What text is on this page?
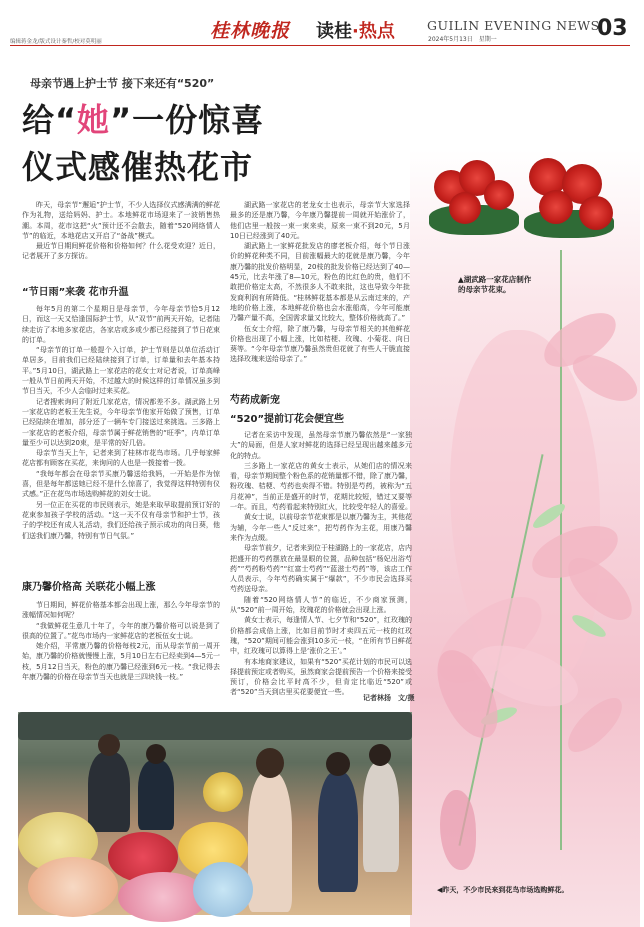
编辑蒋金龙/版式设计秦哲/校对莫明丽	桂林晚报 读桂·热点	GUILIN EVENING NEWS
2024年5月13日　星期一	03
▲湖武路一家花店制作的母亲节花束。
母亲节遇上护士节 接下来还有“520”
给“她”一份惊喜
仪式感催热花市

昨天，母亲节“邂逅”护士节，不少人选择仪式感满满的鲜花作为礼物，送给妈妈、护士。本地鲜花市场迎来了一波销售热潮。本周，花市这把“火”预计还不会散去，随着“520网络情人节”的临近，本地花店又开启了“备战”模式。

最近节日期间鲜花价格和价格如何？什么花受欢迎？近日，记者展开了多方探访。

“节日雨”来袭 花市升温

每年5月的第二个星期日是母亲节，今年母亲节恰5月12日，而这一天又恰逢国际护士节，从“双节”前两天开始，记者陆续走访了本地多家花店，各家店或多或少都已经接到了节日花束的订单。

“母亲节的订单一般提个入订单，护士节则是以单位活动订单居多，目前我们已经陆续接到了订单，订单量和去年基本持平。”5月10日，湖武路上一家花店的花女士对记者说，订单高峰一般从节日前两天开始，不过越大的时候这样的订单情况虽多到节日当天，不少人会临时过来买花。

记者搜索询问了附近几家花店，情况都差不多。湖武路上另一家花店的老板王先生说，今年母亲节他家开始做了预售，订单已经陆续在增加，部分还了一辆车专门接送过来挑选。三多路上一家花店的老板介绍，母亲节属于鲜花销售的“旺季”，内单订单量至少可以达到20束，是平常的好几倍。

母亲节当天上午，记者来到了桂林市花鸟市场。几乎每家鲜花店都有顾客在买花，来询问的人也是一拨接着一拨。

“我每年都会在母亲节买康乃馨送给我妈，一开始是作为惊喜，但是每年都送她已经不是什么惊喜了，我觉得这样特别有仪式感。”正在花鸟市场选购鲜花的刘女士说。

另一位正在买花的市民则表示，她是来取早取提前预订好的花束参加孩子学校的活动。“这一天不仅有母亲节和护士节，孩子的学校还有成人礼活动，我们还给孩子预示成功的向日葵，他们送我们康乃馨，特别有节日气氛。”

康乃馨价格高 关联花小幅上涨

节日期间，鲜花价格基本都会出现上涨，那么今年母亲节的涨幅情况如何呢？

“我做鲜花生意几十年了，今年的康乃馨价格可以说是到了很高的位置了。”花鸟市场内一家鲜花店的老板伍女士说。

她介绍，平常康乃馨的价格每枝2元，而从母亲节前一周开始，康乃馨的价格就慢慢上涨，5月10日左右已经卖到4—5元一枝，5月12日当天，粉色的康乃馨已经涨到6元一枝。“我记得去年康乃馨的价格在母亲节当天也就是三四块钱一枝。”

湖武路一家花店的老龙女士也表示，母亲节大家选择最多的还是康乃馨，今年康乃馨提前一周就开始涨价了，他们店里一般按一束一束来卖，原来一束不到20元，5月10日已经涨到了40元。

湖武路上一家鲜花批发店的廖老板介绍，每个节日涨价的鲜花种类不同，目前涨幅最大的花就是康乃馨，今年康乃馨的批发价格明显，20枝的批发价格已经达到了40—45元，比去年涨了8—10元，粉色的比红色的贵，他们不敢把价格定太高，不然很多人不敢来批，这也导致今年批发商利润有所降低。“桂林鲜花基本都是从云南过来的，产地的价格上涨，本地鲜花价格也会水涨船高，今年可能康乃馨产量不高，全国需求量又比较大，整体价格就高了。”

伍女士介绍，除了康乃馨，与母亲节相关的其他鲜花价格也出现了小幅上涨，比如桔梗、玫瑰、小菊花、向日葵等。“今年母亲节康乃馨虽然贵但花就了有些人干脆直接选择玫瑰来送给母亲了。”

芍药成新宠
“520”提前订花会便宜些

记者在采访中发现，虽然母亲节康乃馨依然是“一家独大”的局面，但是人家对鲜花的选择已经呈现出越来越多元化的特点。

三多路上一家花店的黄女士表示，从她们店的情况来看，母亲节期间整个粉色系的花销量都不错，除了康乃馨，粉玫瑰、桔梗、芍药也卖得不错。特别是芍药，被称为“五月花神”，当前正是盛开的时节，花期比较短，错过又要等一年。而且，芍药看起来特别红火，比较受年轻人的喜爱。

黄女士说，以前母亲节花束都是以康乃馨为主，其他花为辅，今年一些人“反过来”，把芍药作为主花，用康乃馨来作为点缀。

母亲节前夕，记者来到位于桂湖路上的一家花店，店内把盛开的芍药摆放在最显眼的位置，品种包括“杨妃出浴芍药”“芍药粉芍药”“红富士芍药”“蓝滋士芍药”等，该店工作人员表示，今年芍药确实属于“爆款”，不少市民会选择买芍药送母亲。

随着“520网络情人节”的临近，不少商家预测，从“520”前一周开始，玫瑰花的价格就会出现上涨。

黄女士表示，每逢情人节、七夕节和“520”，红玫瑰的价格都会成倍上涨，比如目前节时才卖四五元一枝的红玫瑰，“520”期间可能会涨到10多元一枝，“在所有节日鲜花中，红玫瑰可以算得上是‘涨价之王’。”

有本地商家建议，如果有“520”买花计划的市民可以选择提前预定或者购买，虽然商家会提前预告一个价格来接受预订，价格会比平时高不少，但肯定比临近“520”或者“520”当天到店里买花要便宜一些。

记者林扬　文/摄
◀昨天，不少市民来到花鸟市场选购鲜花。
